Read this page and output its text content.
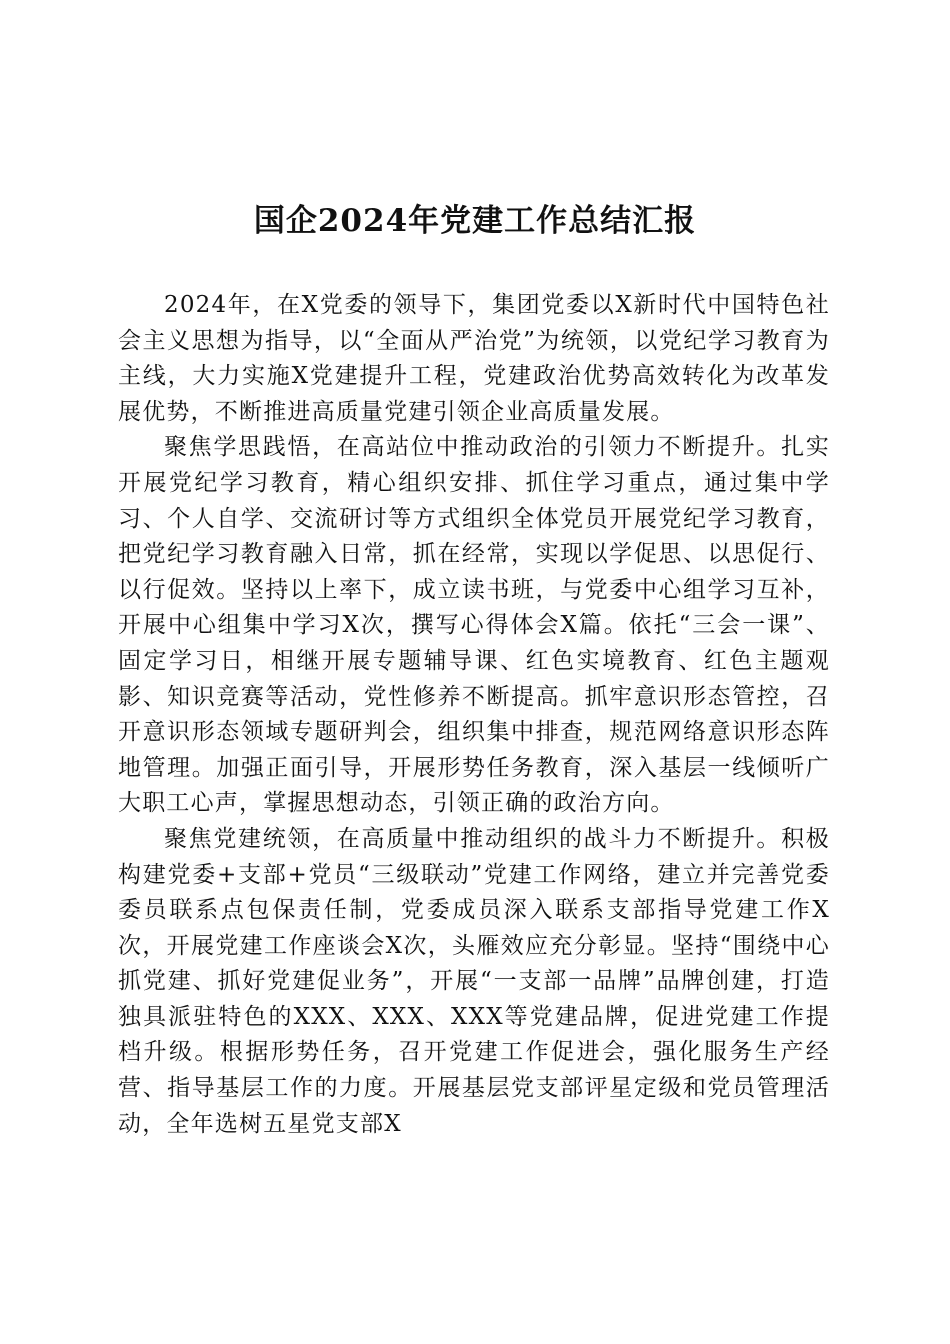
国企2024年党建工作总结汇报

2024年，在X党委的领导下，集团党委以X新时代中国特色社会主义思想为指导，以“全面从严治党”为统领，以党纪学习教育为主线，大力实施X党建提升工程，党建政治优势高效转化为改革发展优势，不断推进高质量党建引领企业高质量发展。

聚焦学思践悟，在高站位中推动政治的引领力不断提升。扎实开展党纪学习教育，精心组织安排、抓住学习重点，通过集中学习、个人自学、交流研讨等方式组织全体党员开展党纪学习教育，把党纪学习教育融入日常，抓在经常，实现以学促思、以思促行、以行促效。坚持以上率下，成立读书班，与党委中心组学习互补，开展中心组集中学习X次，撰写心得体会X篇。依托“三会一课”、固定学习日，相继开展专题辅导课、红色实境教育、红色主题观影、知识竞赛等活动，党性修养不断提高。抓牢意识形态管控，召开意识形态领域专题研判会，组织集中排查，规范网络意识形态阵地管理。加强正面引导，开展形势任务教育，深入基层一线倾听广大职工心声，掌握思想动态，引领正确的政治方向。

聚焦党建统领，在高质量中推动组织的战斗力不断提升。积极构建党委+支部+党员“三级联动”党建工作网络，建立并完善党委委员联系点包保责任制，党委成员深入联系支部指导党建工作X次，开展党建工作座谈会X次，头雁效应充分彰显。坚持“围绕中心抓党建、抓好党建促业务”，开展“一支部一品牌”品牌创建，打造独具派驻特色的XXX、XXX、XXX等党建品牌，促进党建工作提档升级。根据形势任务，召开党建工作促进会，强化服务生产经营、指导基层工作的力度。开展基层党支部评星定级和党员管理活动，全年选树五星党支部X
